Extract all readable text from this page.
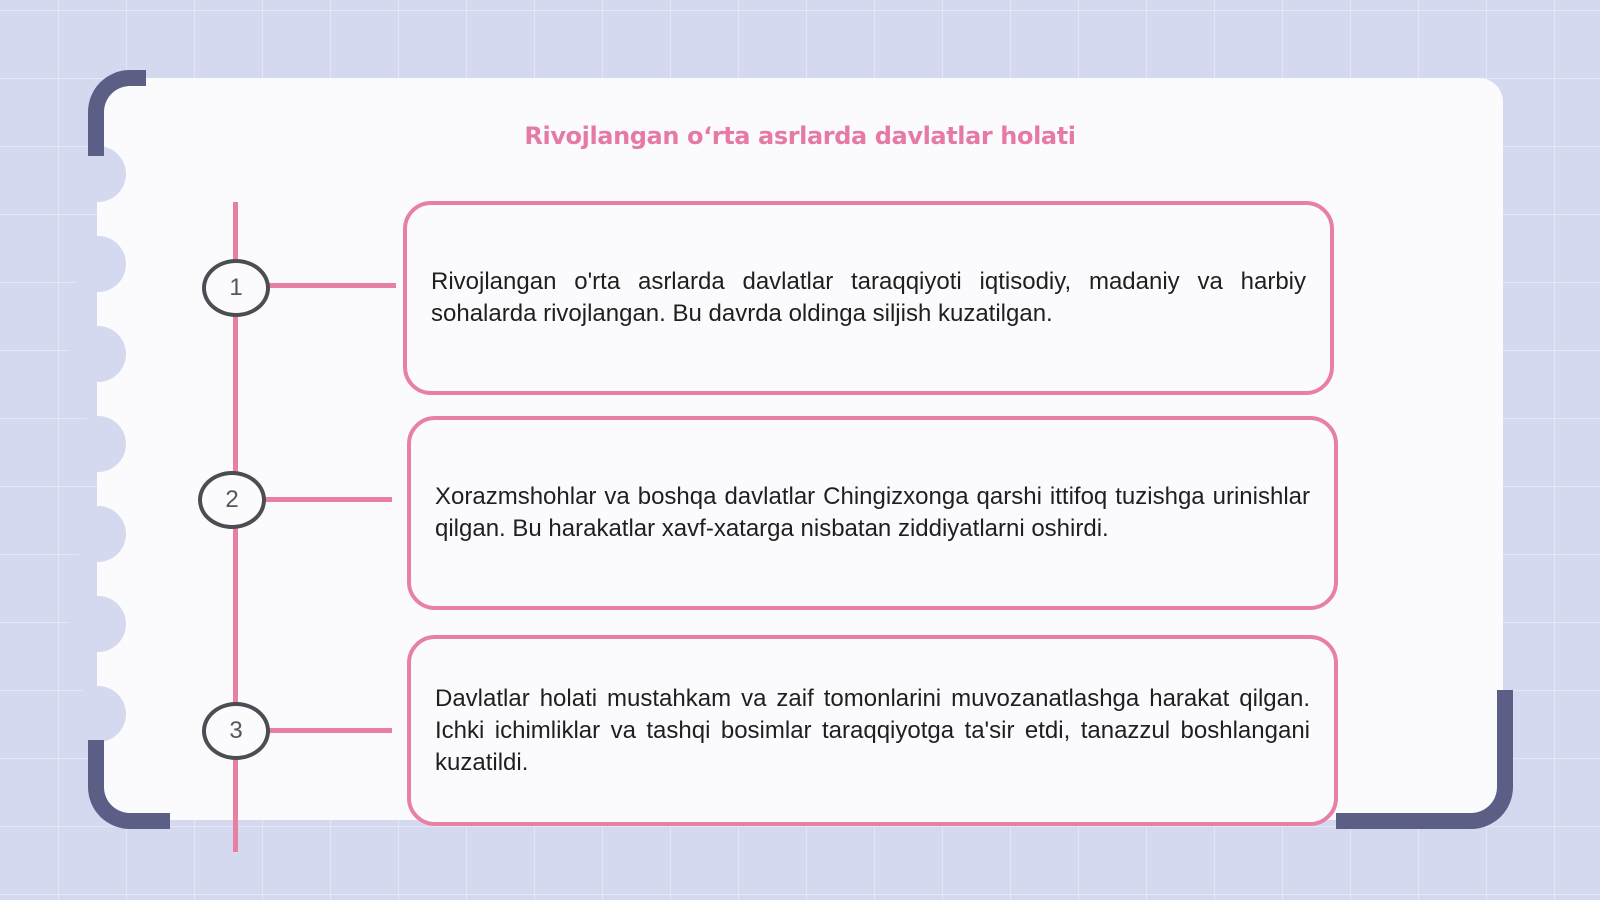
Rivojlangan oʻrta asrlarda davlatlar holati
1
2
3

Rivojlangan o'rta asrlarda davlatlar taraqqiyoti iqtisodiy, madaniy va harbiy sohalarda rivojlangan. Bu davrda oldinga siljish kuzatilgan.

Xorazmshohlar va boshqa davlatlar Chingizxonga qarshi ittifoq tuzishga urinishlar qilgan. Bu harakatlar xavf-xatarga nisbatan ziddiyatlarni oshirdi.

Davlatlar holati mustahkam va zaif tomonlarini muvozanatlashga harakat qilgan. Ichki ichimliklar va tashqi bosimlar taraqqiyotga ta'sir etdi, tanazzul boshlangani kuzatildi.
